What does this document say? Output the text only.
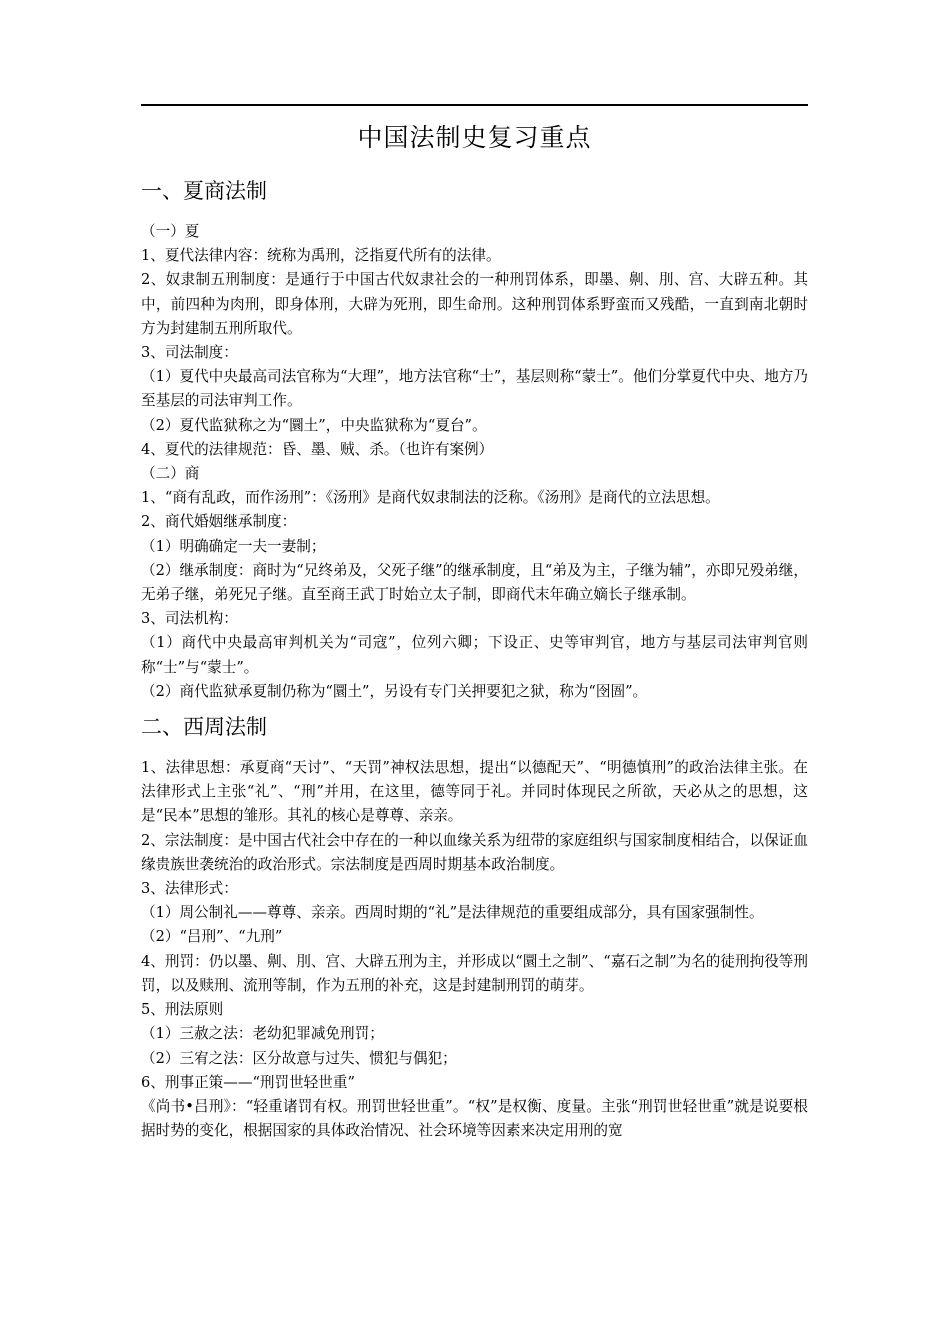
中国法制史复习重点
一、夏商法制

（一）夏

1、夏代法律内容：统称为禹刑，泛指夏代所有的法律。

2、奴隶制五刑制度：是通行于中国古代奴隶社会的一种刑罚体系，即墨、劓、刖、宫、大辟五种。其中，前四种为肉刑，即身体刑，大辟为死刑，即生命刑。这种刑罚体系野蛮而又残酷，一直到南北朝时方为封建制五刑所取代。

3、司法制度：

（1）夏代中央最高司法官称为“大理”，地方法官称“士”，基层则称“蒙士”。他们分掌夏代中央、地方乃至基层的司法审判工作。

（2）夏代监狱称之为“圜土”，中央监狱称为“夏台”。

4、夏代的法律规范：昏、墨、贼、杀。（也许有案例）

（二）商

1、“商有乱政，而作汤刑”：《汤刑》是商代奴隶制法的泛称。《汤刑》是商代的立法思想。

2、商代婚姻继承制度：

（1）明确确定一夫一妻制；

（2）继承制度：商时为“兄终弟及，父死子继”的继承制度，且“弟及为主，子继为辅”，亦即兄殁弟继，无弟子继，弟死兄子继。直至商王武丁时始立太子制，即商代末年确立嫡长子继承制。

3、司法机构：

（1）商代中央最高审判机关为“司寇”，位列六卿；下设正、史等审判官，地方与基层司法审判官则称“士”与“蒙士”。

（2）商代监狱承夏制仍称为“圜土”，另设有专门关押要犯之狱，称为“囹圄”。

二、西周法制

1、法律思想：承夏商“天讨”、“天罚”神权法思想，提出“以德配天”、“明德慎刑”的政治法律主张。在法律形式上主张“礼”、“刑”并用，在这里，德等同于礼。并同时体现民之所欲，天必从之的思想，这是“民本”思想的雏形。其礼的核心是尊尊、亲亲。

2、宗法制度：是中国古代社会中存在的一种以血缘关系为纽带的家庭组织与国家制度相结合，以保证血缘贵族世袭统治的政治形式。宗法制度是西周时期基本政治制度。

3、法律形式：

（1）周公制礼——尊尊、亲亲。西周时期的“礼”是法律规范的重要组成部分，具有国家强制性。

（2）“吕刑”、“九刑”

4、刑罚：仍以墨、劓、刖、宫、大辟五刑为主，并形成以“圜土之制”、“嘉石之制”为名的徒刑拘役等刑罚，以及赎刑、流刑等制，作为五刑的补充，这是封建制刑罚的萌芽。

5、刑法原则

（1）三赦之法：老幼犯罪减免刑罚；

（2）三宥之法：区分故意与过失、惯犯与偶犯；

6、刑事正策——“刑罚世轻世重”

《尚书•吕刑》：“轻重诸罚有权。刑罚世轻世重”。“权”是权衡、度量。主张“刑罚世轻世重”就是说要根据时势的变化，根据国家的具体政治情况、社会环境等因素来决定用刑的宽
